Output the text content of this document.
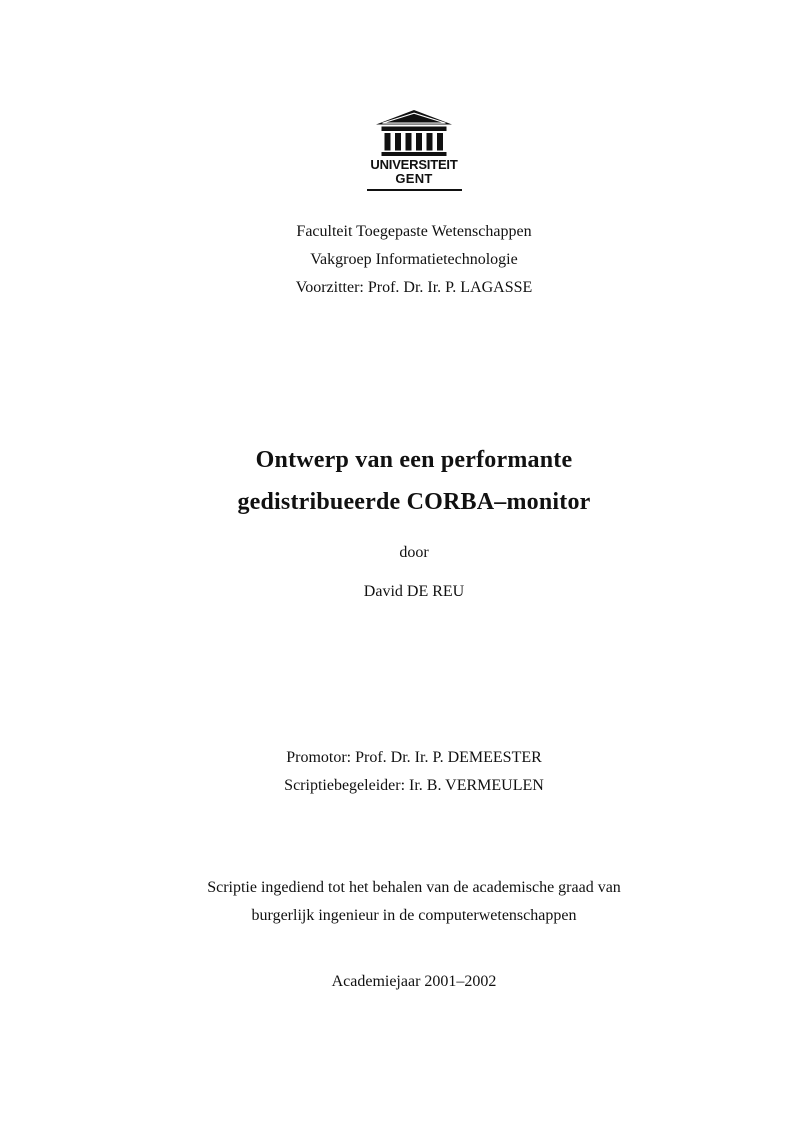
UNIVERSITEIT
GENT
Faculteit Toegepaste Wetenschappen
Vakgroep Informatietechnologie
Voorzitter: Prof. Dr. Ir. P. LAGASSE
Ontwerp van een performante
gedistribueerde CORBA–monitor
door
David DE REU
Promotor: Prof. Dr. Ir. P. DEMEESTER
Scriptiebegeleider: Ir. B. VERMEULEN
Scriptie ingediend tot het behalen van de academische graad van
burgerlijk ingenieur in de computerwetenschappen
Academiejaar 2001–2002
